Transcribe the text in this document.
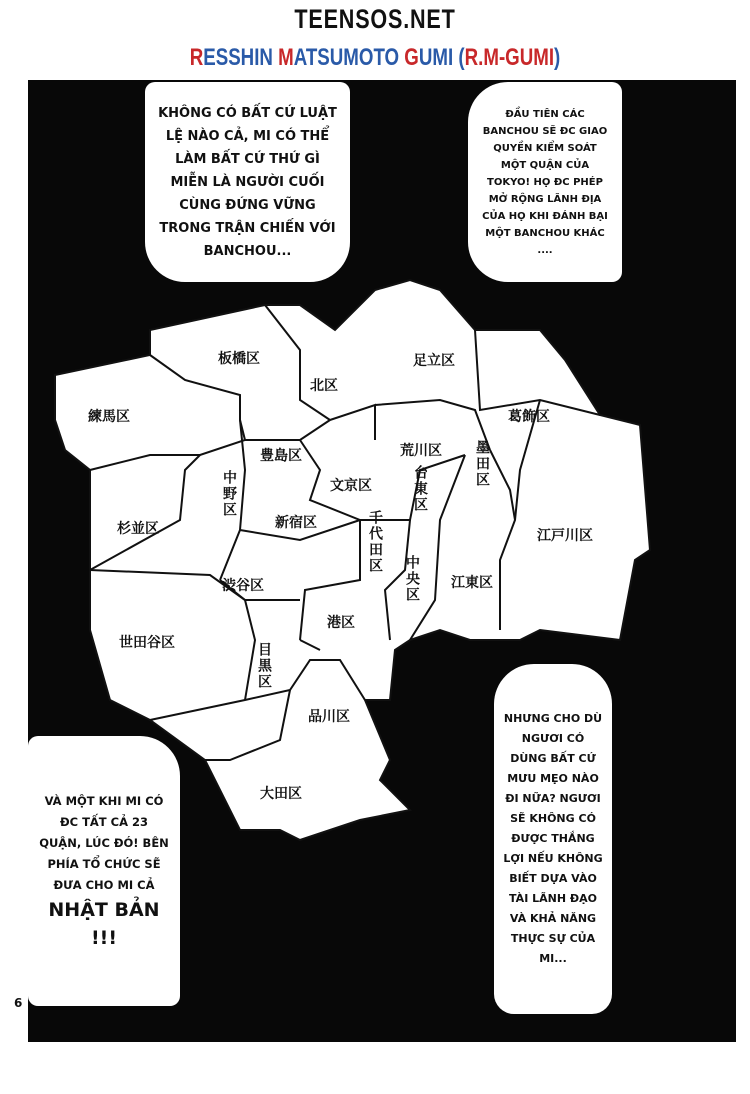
TEENSOS.NET
RESSHIN MATSUMOTO GUMI (R.M-GUMI)
板橋区
北区
足立区
練馬区	葛飾区
豊島区	荒川区 墨田区
文京区
中野区	台東区
杉並区	新宿区	千代田区	江戸川区
渋谷区	中央区 江東区
港区
世田谷区	目黒区
品川区
大田区
KHÔNG CÓ BẤT CỨ LUẬT LỆ NÀO CẢ, MI CÓ THỂ LÀM BẤT CỨ THỨ GÌ MIỄN LÀ NGƯỜI CUỐI CÙNG ĐỨNG VỮNG TRONG TRẬN CHIẾN VỚI BANCHOU...
ĐẦU TIÊN CÁC BANCHOU SẼ ĐC GIAO QUYỀN KIỂM SOÁT MỘT QUẬN CỦA TOKYO! HỌ ĐC PHÉP MỞ RỘNG LÃNH ĐỊA CỦA HỌ KHI ĐÁNH BẠI MỘT BANCHOU KHÁC ....
NHƯNG CHO DÙ NGƯƠI CÓ DÙNG BẤT CỨ MƯU MẸO NÀO ĐI NỮA? NGƯƠI SẼ KHÔNG CÓ ĐƯỢC THẮNG LỢI NẾU KHÔNG BIẾT DỰA VÀO TÀI LÃNH ĐẠO VÀ KHẢ NĂNG THỰC SỰ CỦA MI...
VÀ MỘT KHI MI CÓ ĐC TẤT CẢ 23 QUẬN, LÚC ĐÓ! BÊN PHÍA TỔ CHỨC SẼ ĐƯA CHO MI CẢ
NHẬT BẢN
!!!
6
